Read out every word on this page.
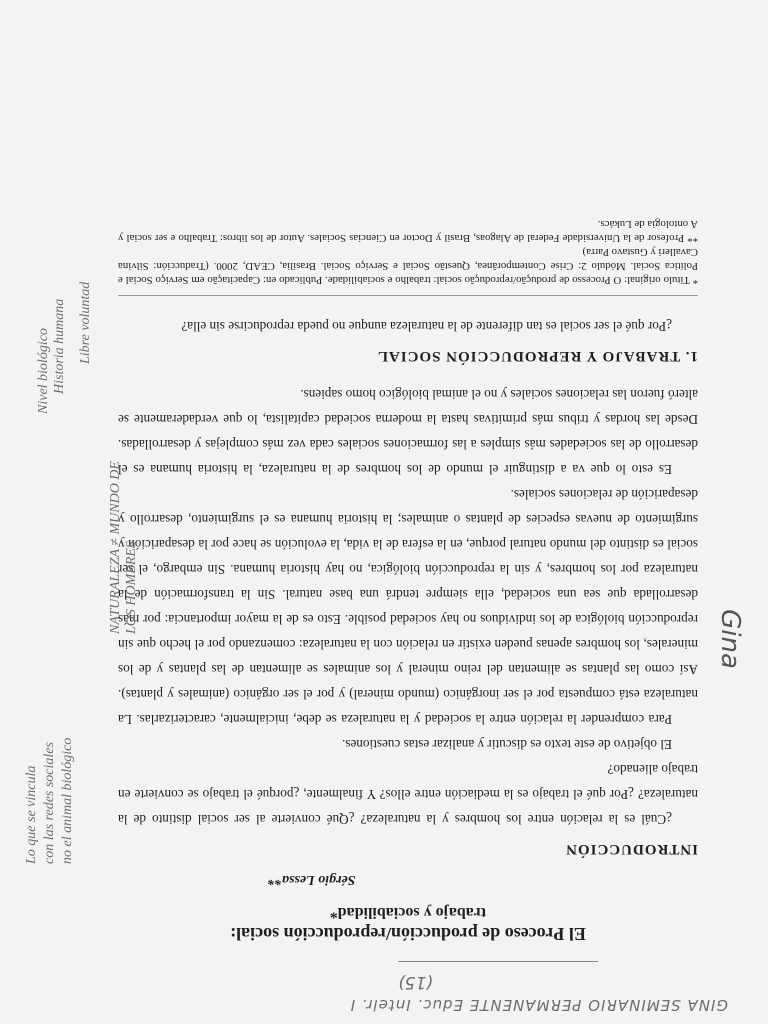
GINA SEMINARIO PERMANENTE Educ. Intelr. I
(15)
El Proceso de producción/reproducción social:
trabajo y sociabilidad*
Sérgio Lessa**
INTRODUCCIÓN

¿Cuál es la relación entre los hombres y la naturaleza? ¿Qué convierte al ser social distinto de la naturaleza? ¿Por qué el trabajo es la mediación entre ellos? Y finalmente, ¿porqué el trabajo se convierte en trabajo alienado?

El objetivo de este texto es discutir y analizar estas cuestiones.

Para comprender la relación entre la sociedad y la naturaleza se debe, inicialmente, caracterizarlas. La naturaleza está compuesta por el ser inorgánico (mundo mineral) y por el ser orgánico (animales y plantas). Así como las plantas se alimentan del reino mineral y los animales se alimentan de las plantas y de los minerales, los hombres apenas pueden existir en relación con la naturaleza: comenzando por el hecho que sin reproducción biológica de los individuos no hay sociedad posible. Esto es de la mayor importancia: por más desarrollada que sea una sociedad, ella siempre tendrá una base natural. Sin la transformación de la naturaleza por los hombres, y sin la reproducción biológica, no hay historia humana. Sin embargo, el ser social es distinto del mundo natural porque, en la esfera de la vida, la evolución se hace por la desaparición y surgimiento de nuevas especies de plantas o animales; la historia humana es el surgimiento, desarrollo y desaparición de relaciones sociales.

Es esto lo que va a distinguir el mundo de los hombres de la naturaleza, la historia humana es el desarrollo de las sociedades más simples a las formaciones sociales cada vez más complejas y desarrolladas. Desde las hordas y tribus más primitivas hasta la moderna sociedad capitalista, lo que verdaderamente se alteró fueron las relaciones sociales y no el animal biológico homo sapiens.

1. TRABAJO Y REPRODUCCIÓN SOCIAL

¿Por qué el ser social es tan diferente de la naturaleza aunque no pueda reproducirse sin ella?

* Título original: O Processo de produção/reprodução social: trabalho e sociabilidade. Publicado en: Capacitação em Serviço Social e Política Social. Módulo 2: Crise Contemporânea, Questão Social e Serviço Social. Brasília, CEAD, 2000. (Traducción: Silvina Cavalleri y Gustavo Parra)

** Profesor de la Universidade Federal de Alagoas, Brasil y Doctor en Ciencias Sociales. Autor de los libros: Trabalho e ser social y A ontologia de Lukács.

Lo que se vincula con las redes sociales no el animal biológico
NATURALEZA ≠ MUNDO DE LOS HOMBRES
Nivel biológico Historia humana Libre voluntad
Gina
